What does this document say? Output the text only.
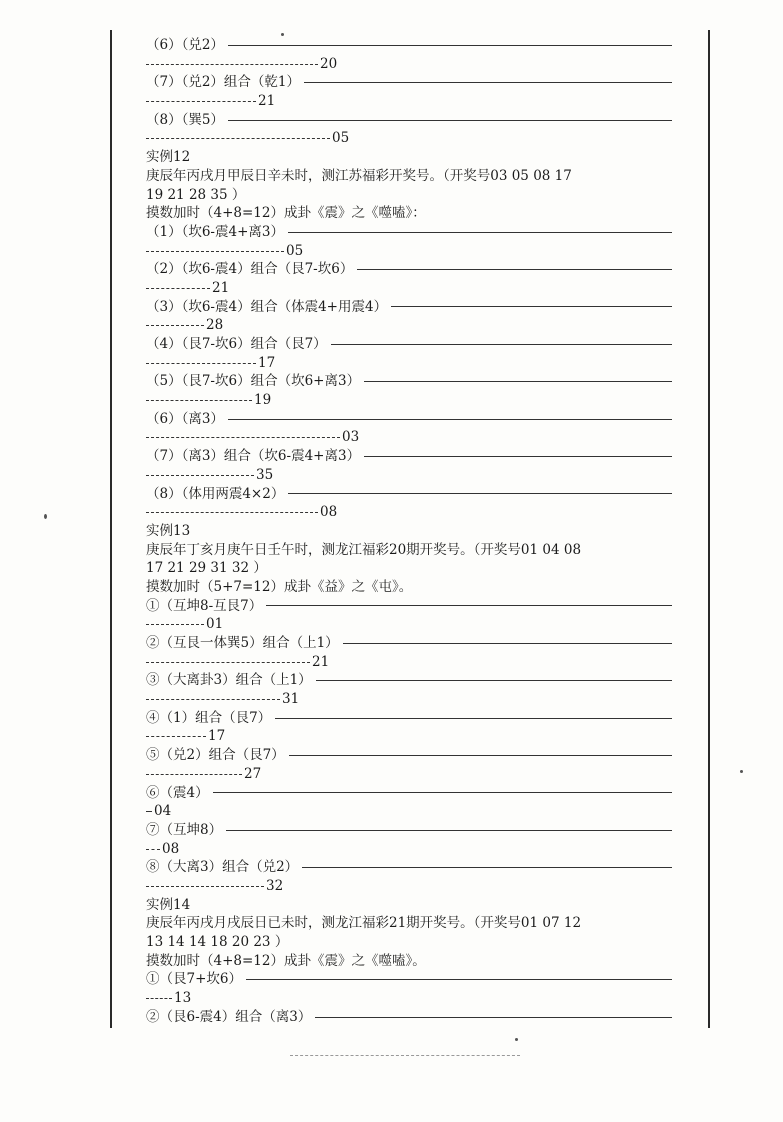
（6）（兑2）
20
（7）（兑2）组合（乾1）
21
（8）（巽5）
05
实例12
庚辰年丙戌月甲辰日辛未时，测江苏福彩开奖号。（开奖号03 05 08 17
19 21 28 35 ）
摸数加时（4+8=12）成卦《震》之《噬嗑》：
（1）（坎6-震4+离3）
05
（2）（坎6-震4）组合（艮7-坎6）
21
（3）（坎6-震4）组合（体震4+用震4）
28
（4）（艮7-坎6）组合（艮7）
17
（5）（艮7-坎6）组合（坎6+离3）
19
（6）（离3）
03
（7）（离3）组合（坎6-震4+离3）
35
（8）（体用两震4×2）
08
实例13
庚辰年丁亥月庚午日壬午时，测龙江福彩20期开奖号。（开奖号01 04 08
17 21 29 31 32 ）
摸数加时（5+7=12）成卦《益》之《屯》。
①（互坤8-互艮7）
01
②（互艮一体巽5）组合（上1）
21
③（大离卦3）组合（上1）
31
④（1）组合（艮7）
17
⑤（兑2）组合（艮7）
27
⑥（震4）
04
⑦（互坤8）
08
⑧（大离3）组合（兑2）
32
实例14
庚辰年丙戌月戌辰日已未时，测龙江福彩21期开奖号。（开奖号01 07 12
13 14 14 18 20 23 ）
摸数加时（4+8=12）成卦《震》之《噬嗑》。
①（艮7+坎6）
13
②（艮6-震4）组合（离3）
